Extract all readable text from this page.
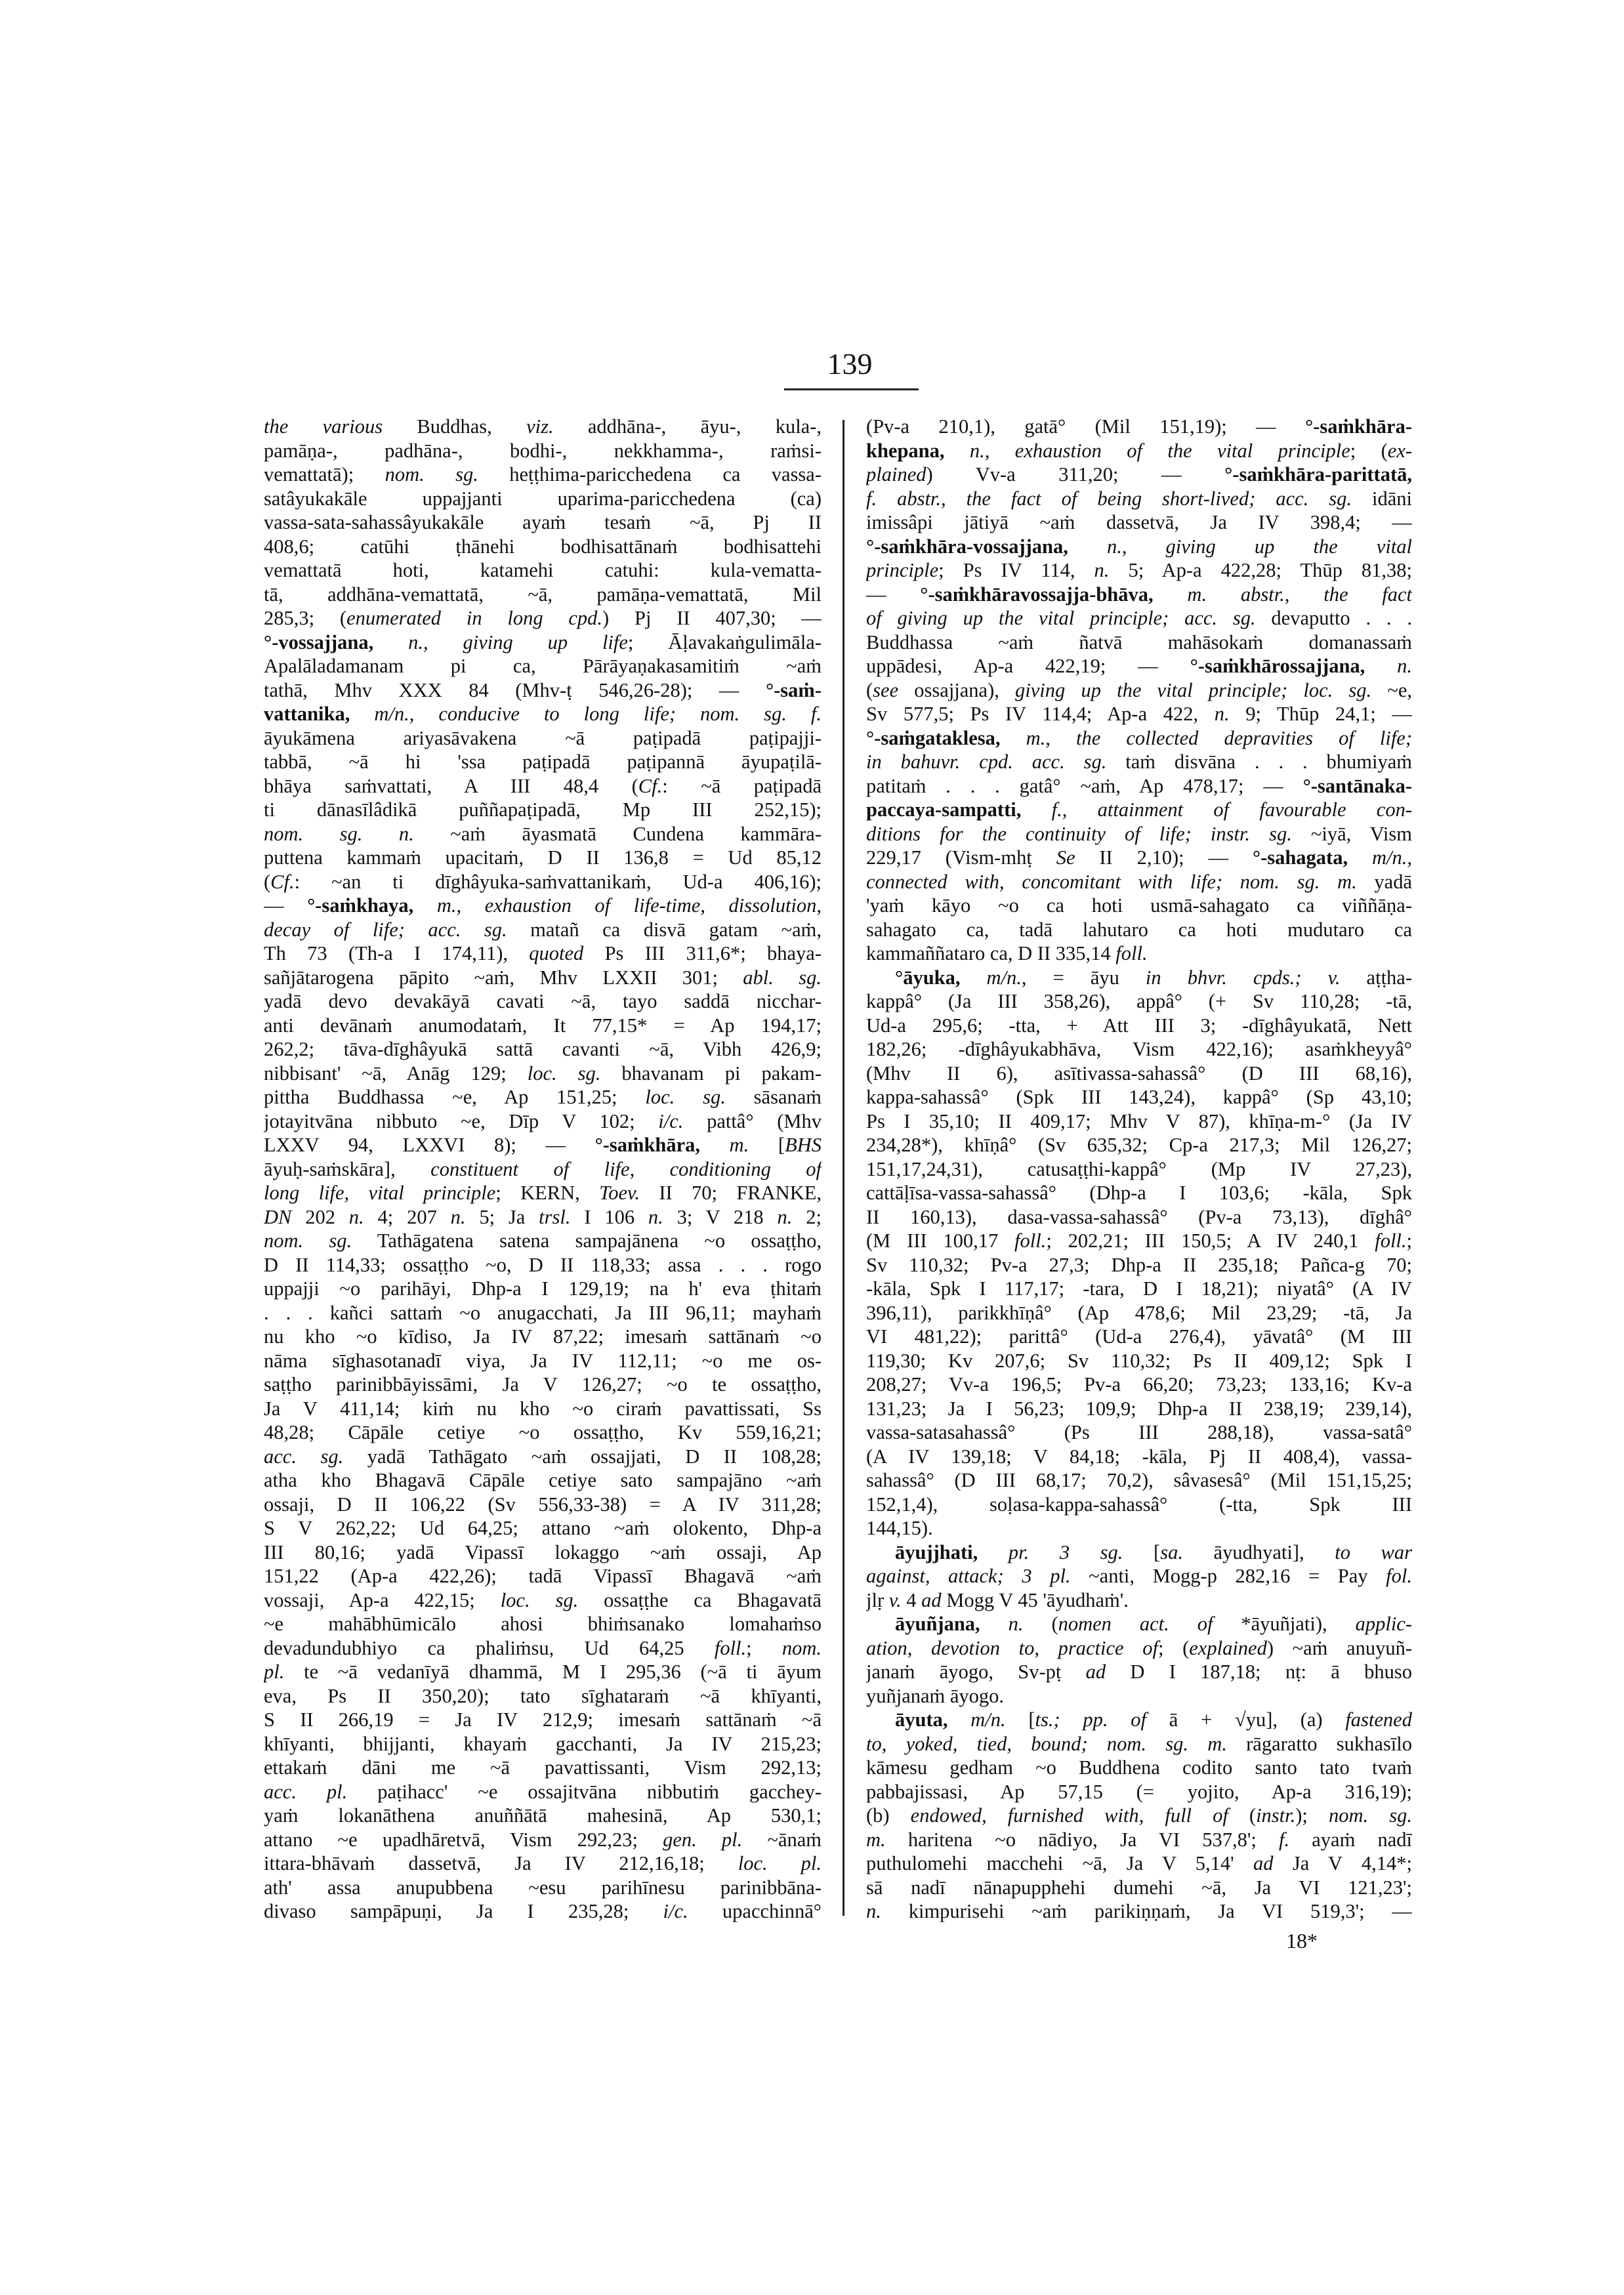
139
the various Buddhas, viz. addhāna-, āyu-, kula-,
pamāṇa-, padhāna-, bodhi-, nekkhamma-, raṁsi-
vemattatā); nom. sg. heṭṭhima-paricchedena ca vassa-
satâyukakāle uppajjanti uparima-paricchedena (ca)
vassa-sata-sahassâyukakāle ayaṁ tesaṁ ~ā, Pj II
408,6; catūhi ṭhānehi bodhisattānaṁ bodhisattehi
vemattatā hoti, katamehi catuhi: kula-vematta-
tā, addhāna-vemattatā, ~ā, pamāṇa-vemattatā, Mil
285,3; (enumerated in long cpd.) Pj II 407,30; —
°-vossajjana, n., giving up life; Āḷavakaṅgulimāla-
Apalāladamanam pi ca, Pārāyaṇakasamitiṁ ~aṁ
tathā, Mhv XXX 84 (Mhv-ṭ 546,26-28); — °-saṁ-
vattanika, m/n., conducive to long life; nom. sg. f.
āyukāmena ariyasāvakena ~ā paṭipadā paṭipajji-
tabbā, ~ā hi 'ssa paṭipadā paṭipannā āyupaṭilā-
bhāya saṁvattati, A III 48,4 (Cf.: ~ā paṭipadā
ti dānasīlâdikā puññapaṭipadā, Mp III 252,15);
nom. sg. n. ~aṁ āyasmatā Cundena kammāra-
puttena kammaṁ upacitaṁ, D II 136,8 = Ud 85,12
(Cf.: ~an ti dīghâyuka-saṁvattanikaṁ, Ud-a 406,16);
— °-saṁkhaya, m., exhaustion of life-time, dissolution,
decay of life; acc. sg. matañ ca disvā gatam ~aṁ,
Th 73 (Th-a I 174,11), quoted Ps III 311,6*; bhaya-
sañjātarogena pāpito ~aṁ, Mhv LXXII 301; abl. sg.
yadā devo devakāyā cavati ~ā, tayo saddā nicchar-
anti devānaṁ anumodataṁ, It 77,15* = Ap 194,17;
262,2; tāva-dīghâyukā sattā cavanti ~ā, Vibh 426,9;
nibbisant' ~ā, Anāg 129; loc. sg. bhavanam pi pakam-
pittha Buddhassa ~e, Ap 151,25; loc. sg. sāsanaṁ
jotayitvāna nibbuto ~e, Dīp V 102; i/c. pattâ° (Mhv
LXXV 94, LXXVI 8); — °-saṁkhāra, m. [BHS
āyuḥ-saṁskāra], constituent of life, conditioning of
long life, vital principle; KERN, Toev. II 70; FRANKE,
DN 202 n. 4; 207 n. 5; Ja trsl. I 106 n. 3; V 218 n. 2;
nom. sg. Tathāgatena satena sampajānena ~o ossaṭṭho,
D II 114,33; ossaṭṭho ~o, D II 118,33; assa . . . rogo
uppajji ~o parihāyi, Dhp-a I 129,19; na h' eva ṭhitaṁ
. . . kañci sattaṁ ~o anugacchati, Ja III 96,11; mayhaṁ
nu kho ~o kīdiso, Ja IV 87,22; imesaṁ sattānaṁ ~o
nāma sīghasotanadī viya, Ja IV 112,11; ~o me os-
saṭṭho parinibbāyissāmi, Ja V 126,27; ~o te ossaṭṭho,
Ja V 411,14; kiṁ nu kho ~o ciraṁ pavattissati, Ss
48,28; Cāpāle cetiye ~o ossaṭṭho, Kv 559,16,21;
acc. sg. yadā Tathāgato ~aṁ ossajjati, D II 108,28;
atha kho Bhagavā Cāpāle cetiye sato sampajāno ~aṁ
ossaji, D II 106,22 (Sv 556,33-38) = A IV 311,28;
S V 262,22; Ud 64,25; attano ~aṁ olokento, Dhp-a
III 80,16; yadā Vipassī lokaggo ~aṁ ossaji, Ap
151,22 (Ap-a 422,26); tadā Vipassī Bhagavā ~aṁ
vossaji, Ap-a 422,15; loc. sg. ossaṭṭhe ca Bhagavatā
~e mahābhūmicālo ahosi bhiṁsanako lomahaṁso
devadundubhiyo ca phaliṁsu, Ud 64,25 foll.; nom.
pl. te ~ā vedanīyā dhammā, M I 295,36 (~ā ti āyum
eva, Ps II 350,20); tato sīghataraṁ ~ā khīyanti,
S II 266,19 = Ja IV 212,9; imesaṁ sattānaṁ ~ā
khīyanti, bhijjanti, khayaṁ gacchanti, Ja IV 215,23;
ettakaṁ dāni me ~ā pavattissanti, Vism 292,13;
acc. pl. paṭihacc' ~e ossajitvāna nibbutiṁ gacchey-
yaṁ lokanāthena anuññātā mahesinā, Ap 530,1;
attano ~e upadhāretvā, Vism 292,23; gen. pl. ~ānaṁ
ittara-bhāvaṁ dassetvā, Ja IV 212,16,18; loc. pl.
ath' assa anupubbena ~esu parihīnesu parinibbāna-
divaso sampāpuṇi, Ja I 235,28; i/c. upacchinnā°
(Pv-a 210,1), gatā° (Mil 151,19); — °-saṁkhāra-
khepana, n., exhaustion of the vital principle; (ex-
plained) Vv-a 311,20; — °-saṁkhāra-parittatā,
f. abstr., the fact of being short-lived; acc. sg. idāni
imissâpi jātiyā ~aṁ dassetvā, Ja IV 398,4; —
°-saṁkhāra-vossajjana, n., giving up the vital
principle; Ps IV 114, n. 5; Ap-a 422,28; Thūp 81,38;
— °-saṁkhāravossajja-bhāva, m. abstr., the fact
of giving up the vital principle; acc. sg. devaputto . . .
Buddhassa ~aṁ ñatvā mahāsokaṁ domanassaṁ
uppādesi, Ap-a 422,19; — °-saṁkhārossajjana, n.
(see ossajjana), giving up the vital principle; loc. sg. ~e,
Sv 577,5; Ps IV 114,4; Ap-a 422, n. 9; Thūp 24,1; —
°-saṁgataklesa, m., the collected depravities of life;
in bahuvr. cpd. acc. sg. taṁ disvāna . . . bhumiyaṁ
patitaṁ . . . gatâ° ~aṁ, Ap 478,17; — °-santānaka-
paccaya-sampatti, f., attainment of favourable con-
ditions for the continuity of life; instr. sg. ~iyā, Vism
229,17 (Vism-mhṭ Se II 2,10); — °-sahagata, m/n.,
connected with, concomitant with life; nom. sg. m. yadā
'yaṁ kāyo ~o ca hoti usmā-sahagato ca viññāṇa-
sahagato ca, tadā lahutaro ca hoti mudutaro ca
kammaññataro ca, D II 335,14 foll.
°āyuka, m/n., = āyu in bhvr. cpds.; v. aṭṭha-
kappâ° (Ja III 358,26), appâ° (+ Sv 110,28; -tā,
Ud-a 295,6; -tta, + Att III 3; -dīghâyukatā, Nett
182,26; -dīghâyukabhāva, Vism 422,16); asaṁkheyyâ°
(Mhv II 6), asītivassa-sahassâ° (D III 68,16),
kappa-sahassâ° (Spk III 143,24), kappâ° (Sp 43,10;
Ps I 35,10; II 409,17; Mhv V 87), khīṇa-m-° (Ja IV
234,28*), khīṇâ° (Sv 635,32; Cp-a 217,3; Mil 126,27;
151,17,24,31), catusaṭṭhi-kappâ° (Mp IV 27,23),
cattāḷīsa-vassa-sahassâ° (Dhp-a I 103,6; -kāla, Spk
II 160,13), dasa-vassa-sahassâ° (Pv-a 73,13), dīghâ°
(M III 100,17 foll.; 202,21; III 150,5; A IV 240,1 foll.;
Sv 110,32; Pv-a 27,3; Dhp-a II 235,18; Pañca-g 70;
-kāla, Spk I 117,17; -tara, D I 18,21); niyatâ° (A IV
396,11), parikkhīṇâ° (Ap 478,6; Mil 23,29; -tā, Ja
VI 481,22); parittâ° (Ud-a 276,4), yāvatâ° (M III
119,30; Kv 207,6; Sv 110,32; Ps II 409,12; Spk I
208,27; Vv-a 196,5; Pv-a 66,20; 73,23; 133,16; Kv-a
131,23; Ja I 56,23; 109,9; Dhp-a II 238,19; 239,14),
vassa-satasahassâ° (Ps III 288,18), vassa-satâ°
(A IV 139,18; V 84,18; -kāla, Pj II 408,4), vassa-
sahassâ° (D III 68,17; 70,2), sâvasesâ° (Mil 151,15,25;
152,1,4), soḷasa-kappa-sahassâ° (-tta, Spk III
144,15).
āyujjhati, pr. 3 sg. [sa. āyudhyati], to war
against, attack; 3 pl. ~anti, Mogg-p 282,16 = Pay fol.
jlṛ v. 4 ad Mogg V 45 'āyudhaṁ'.
āyuñjana, n. (nomen act. of *āyuñjati), applic-
ation, devotion to, practice of; (explained) ~aṁ anuyuñ-
janaṁ āyogo, Sv-pṭ ad D I 187,18; nṭ: ā bhuso
yuñjanaṁ āyogo.
āyuta, m/n. [ts.; pp. of ā + √yu], (a) fastened
to, yoked, tied, bound; nom. sg. m. rāgaratto sukhasīlo
kāmesu gedham ~o Buddhena codito santo tato tvaṁ
pabbajissasi, Ap 57,15 (= yojito, Ap-a 316,19);
(b) endowed, furnished with, full of (instr.); nom. sg.
m. haritena ~o nādiyo, Ja VI 537,8'; f. ayaṁ nadī
puthulomehi macchehi ~ā, Ja V 5,14' ad Ja V 4,14*;
sā nadī nānapupphehi dumehi ~ā, Ja VI 121,23';
n. kimpurisehi ~aṁ parikiṇṇaṁ, Ja VI 519,3'; —
18*
